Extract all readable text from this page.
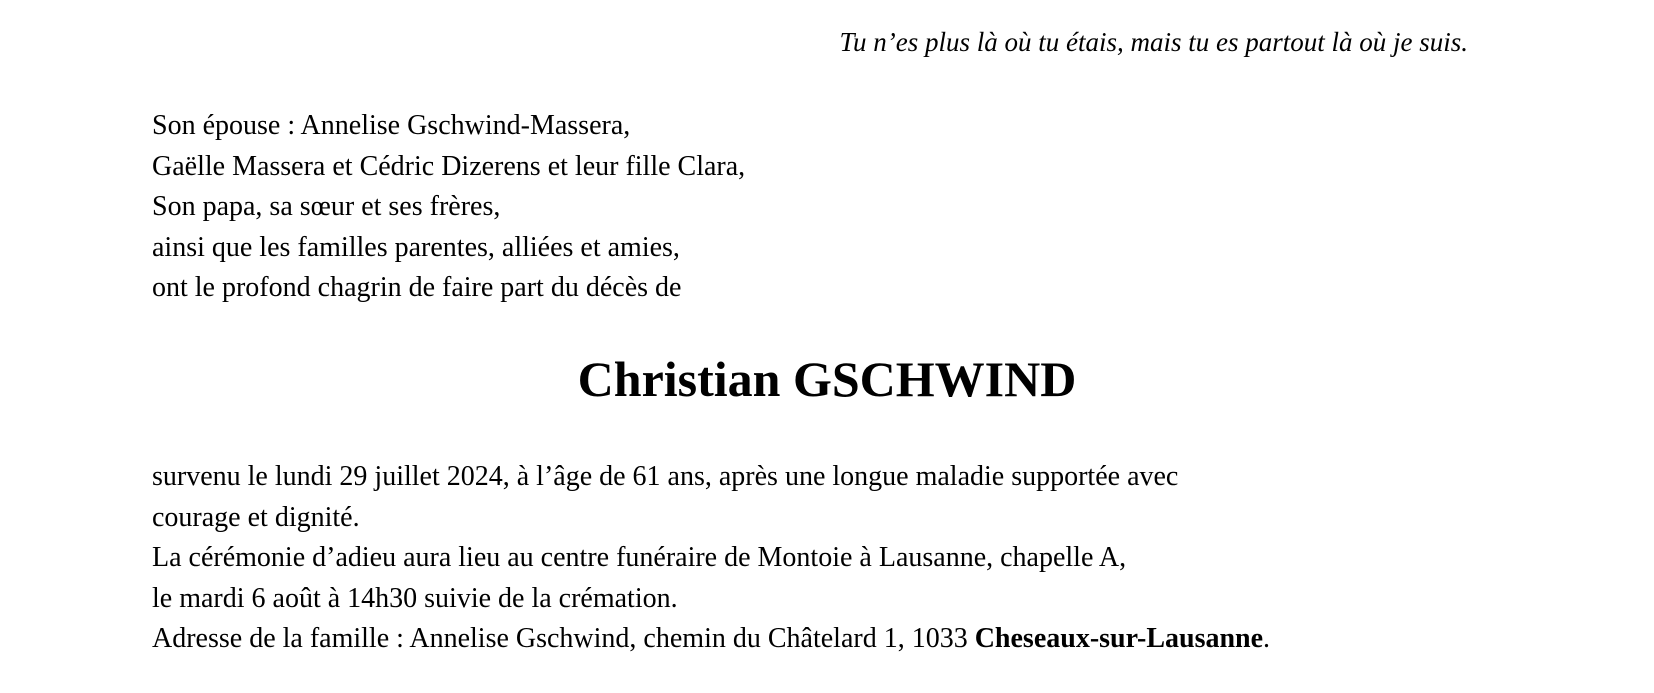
Tu n’es plus là où tu étais, mais tu es partout là où je suis.
Son épouse : Annelise Gschwind-Massera,
Gaëlle Massera et Cédric Dizerens et leur fille Clara,
Son papa, sa sœur et ses frères,
ainsi que les familles parentes, alliées et amies,
ont le profond chagrin de faire part du décès de
Christian GSCHWIND
survenu le lundi 29 juillet 2024, à l’âge de 61 ans, après une longue maladie supportée avec
courage et dignité.
La cérémonie d’adieu aura lieu au centre funéraire de Montoie à Lausanne, chapelle A,
le mardi 6 août à 14h30 suivie de la crémation.
Adresse de la famille : Annelise Gschwind, chemin du Châtelard 1, 1033 Cheseaux-sur-Lausanne.
